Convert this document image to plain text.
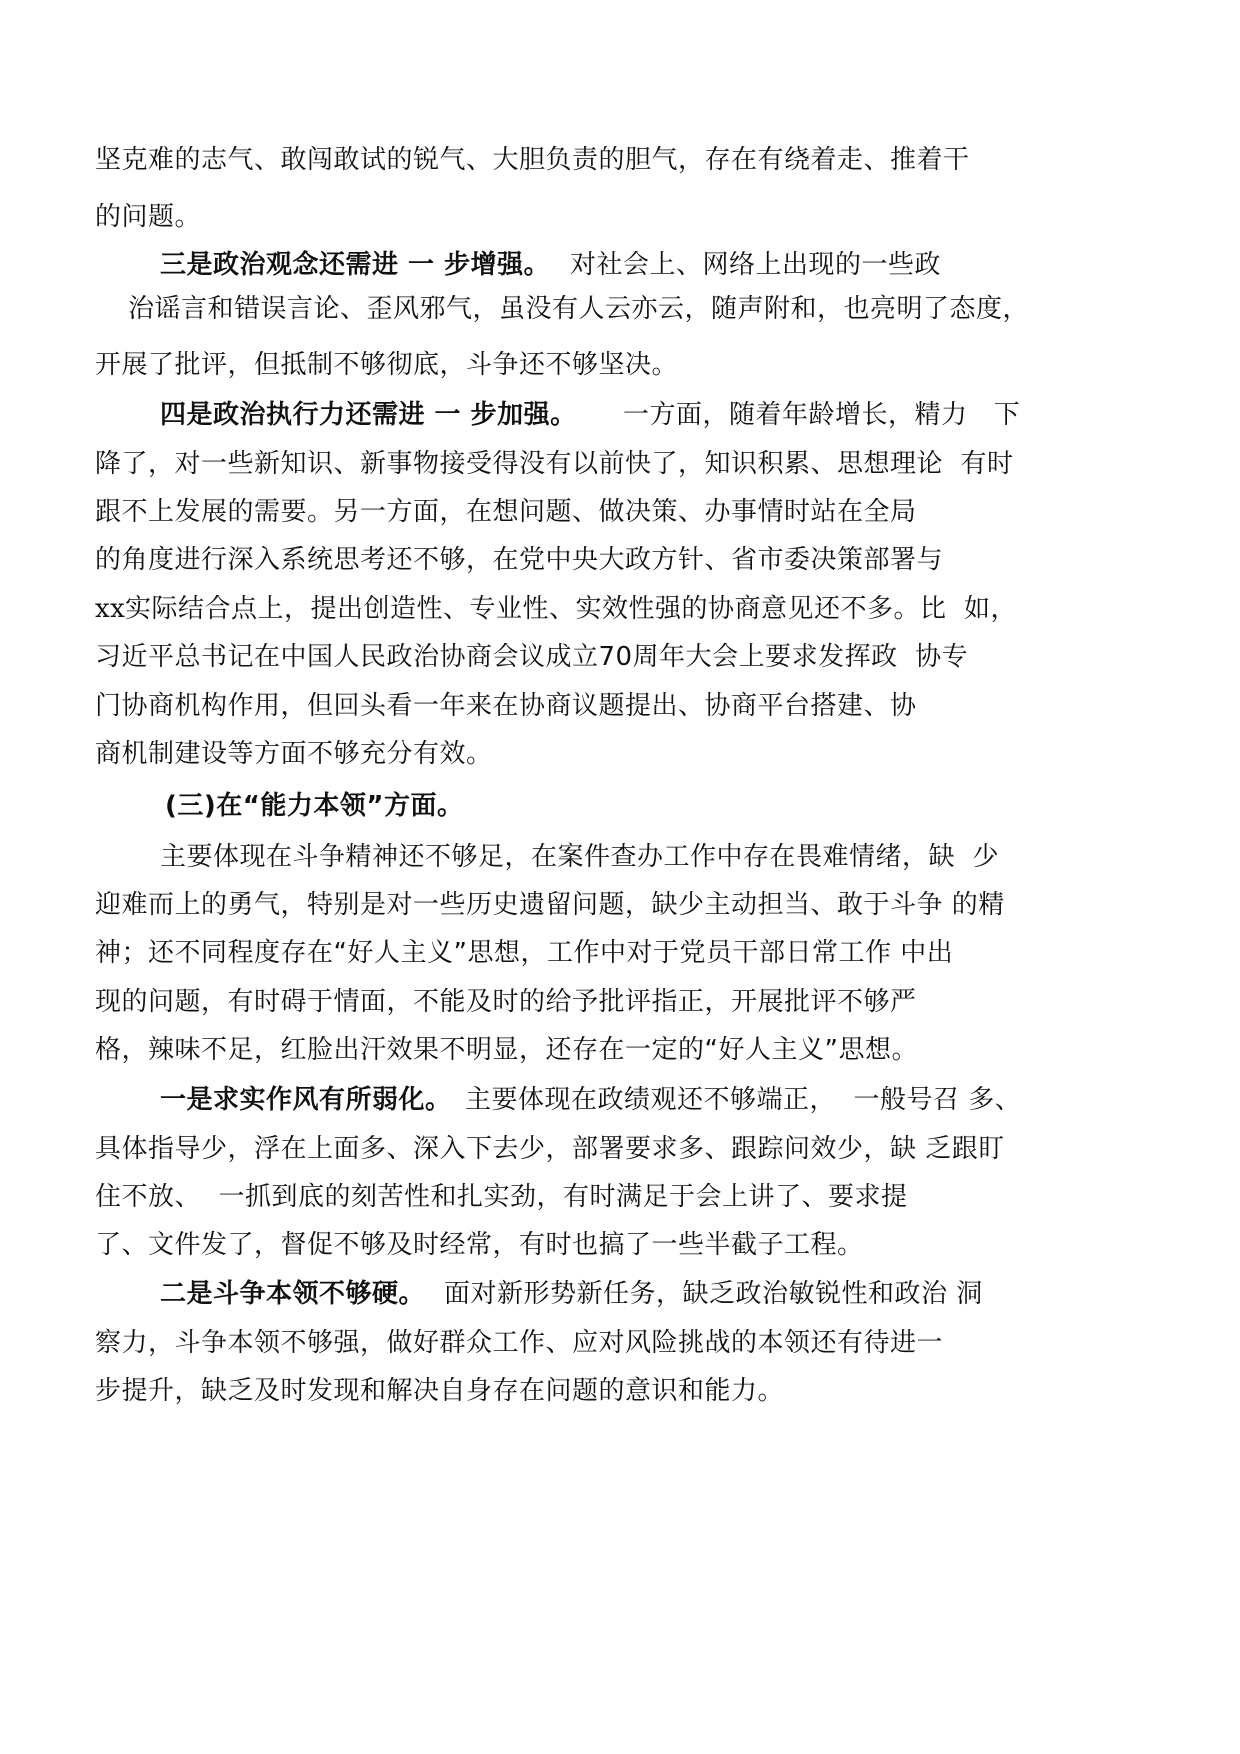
坚克难的志气、敢闯敢试的锐气、大胆负责的胆气，存在有绕着走、推着干
的问题。
三是政治观念还需进 一 步增强。 对社会上、网络上出现的一些政
治谣言和错误言论、歪风邪气，虽没有人云亦云，随声附和，也亮明了态度，
开展了批评，但抵制不够彻底，斗争还不够坚决。
四是政治执行力还需进 一 步加强。 一方面，随着年龄增长，精力   下
降了，对一些新知识、新事物接受得没有以前快了，知识积累、思想理论  有时
跟不上发展的需要。另一方面，在想问题、做决策、办事情时站在全局
的角度进行深入系统思考还不够，在党中央大政方针、省市委决策部署与
xx 实际结合点上，提出创造性、专业性、实效性强的协商意见还不多。比  如，
习近平总书记在中国人民政治协商会议成立70周年大会上要求发挥政  协专
门协商机构作用，但回头看一年来在协商议题提出、协商平台搭建、协
商机制建设等方面不够充分有效。
(三)在“能力本领”方面。
主要体现在斗争精神还不够足，在案件查办工作中存在畏难情绪，缺  少
迎难而上的勇气，特别是对一些历史遗留问题，缺少主动担当、敢于斗争 的精
神；还不同程度存在“好人主义”思想，工作中对于党员干部日常工作 中出
现的问题，有时碍于情面，不能及时的给予批评指正，开展批评不够严
格，辣味不足，红脸出汗效果不明显，还存在一定的“好人主义”思想。
一是求实作风有所弱化。 主要体现在政绩观还不够端正，  一般号召 多、
具体指导少，浮在上面多、深入下去少，部署要求多、跟踪问效少，缺 乏跟盯
住不放、  一抓到底的刻苦性和扎实劲，有时满足于会上讲了、要求提
了、文件发了，督促不够及时经常，有时也搞了一些半截子工程。
二是斗争本领不够硬。 面对新形势新任务，缺乏政治敏锐性和政治 洞
察力，斗争本领不够强，做好群众工作、应对风险挑战的本领还有待进一
步提升，缺乏及时发现和解决自身存在问题的意识和能力。
